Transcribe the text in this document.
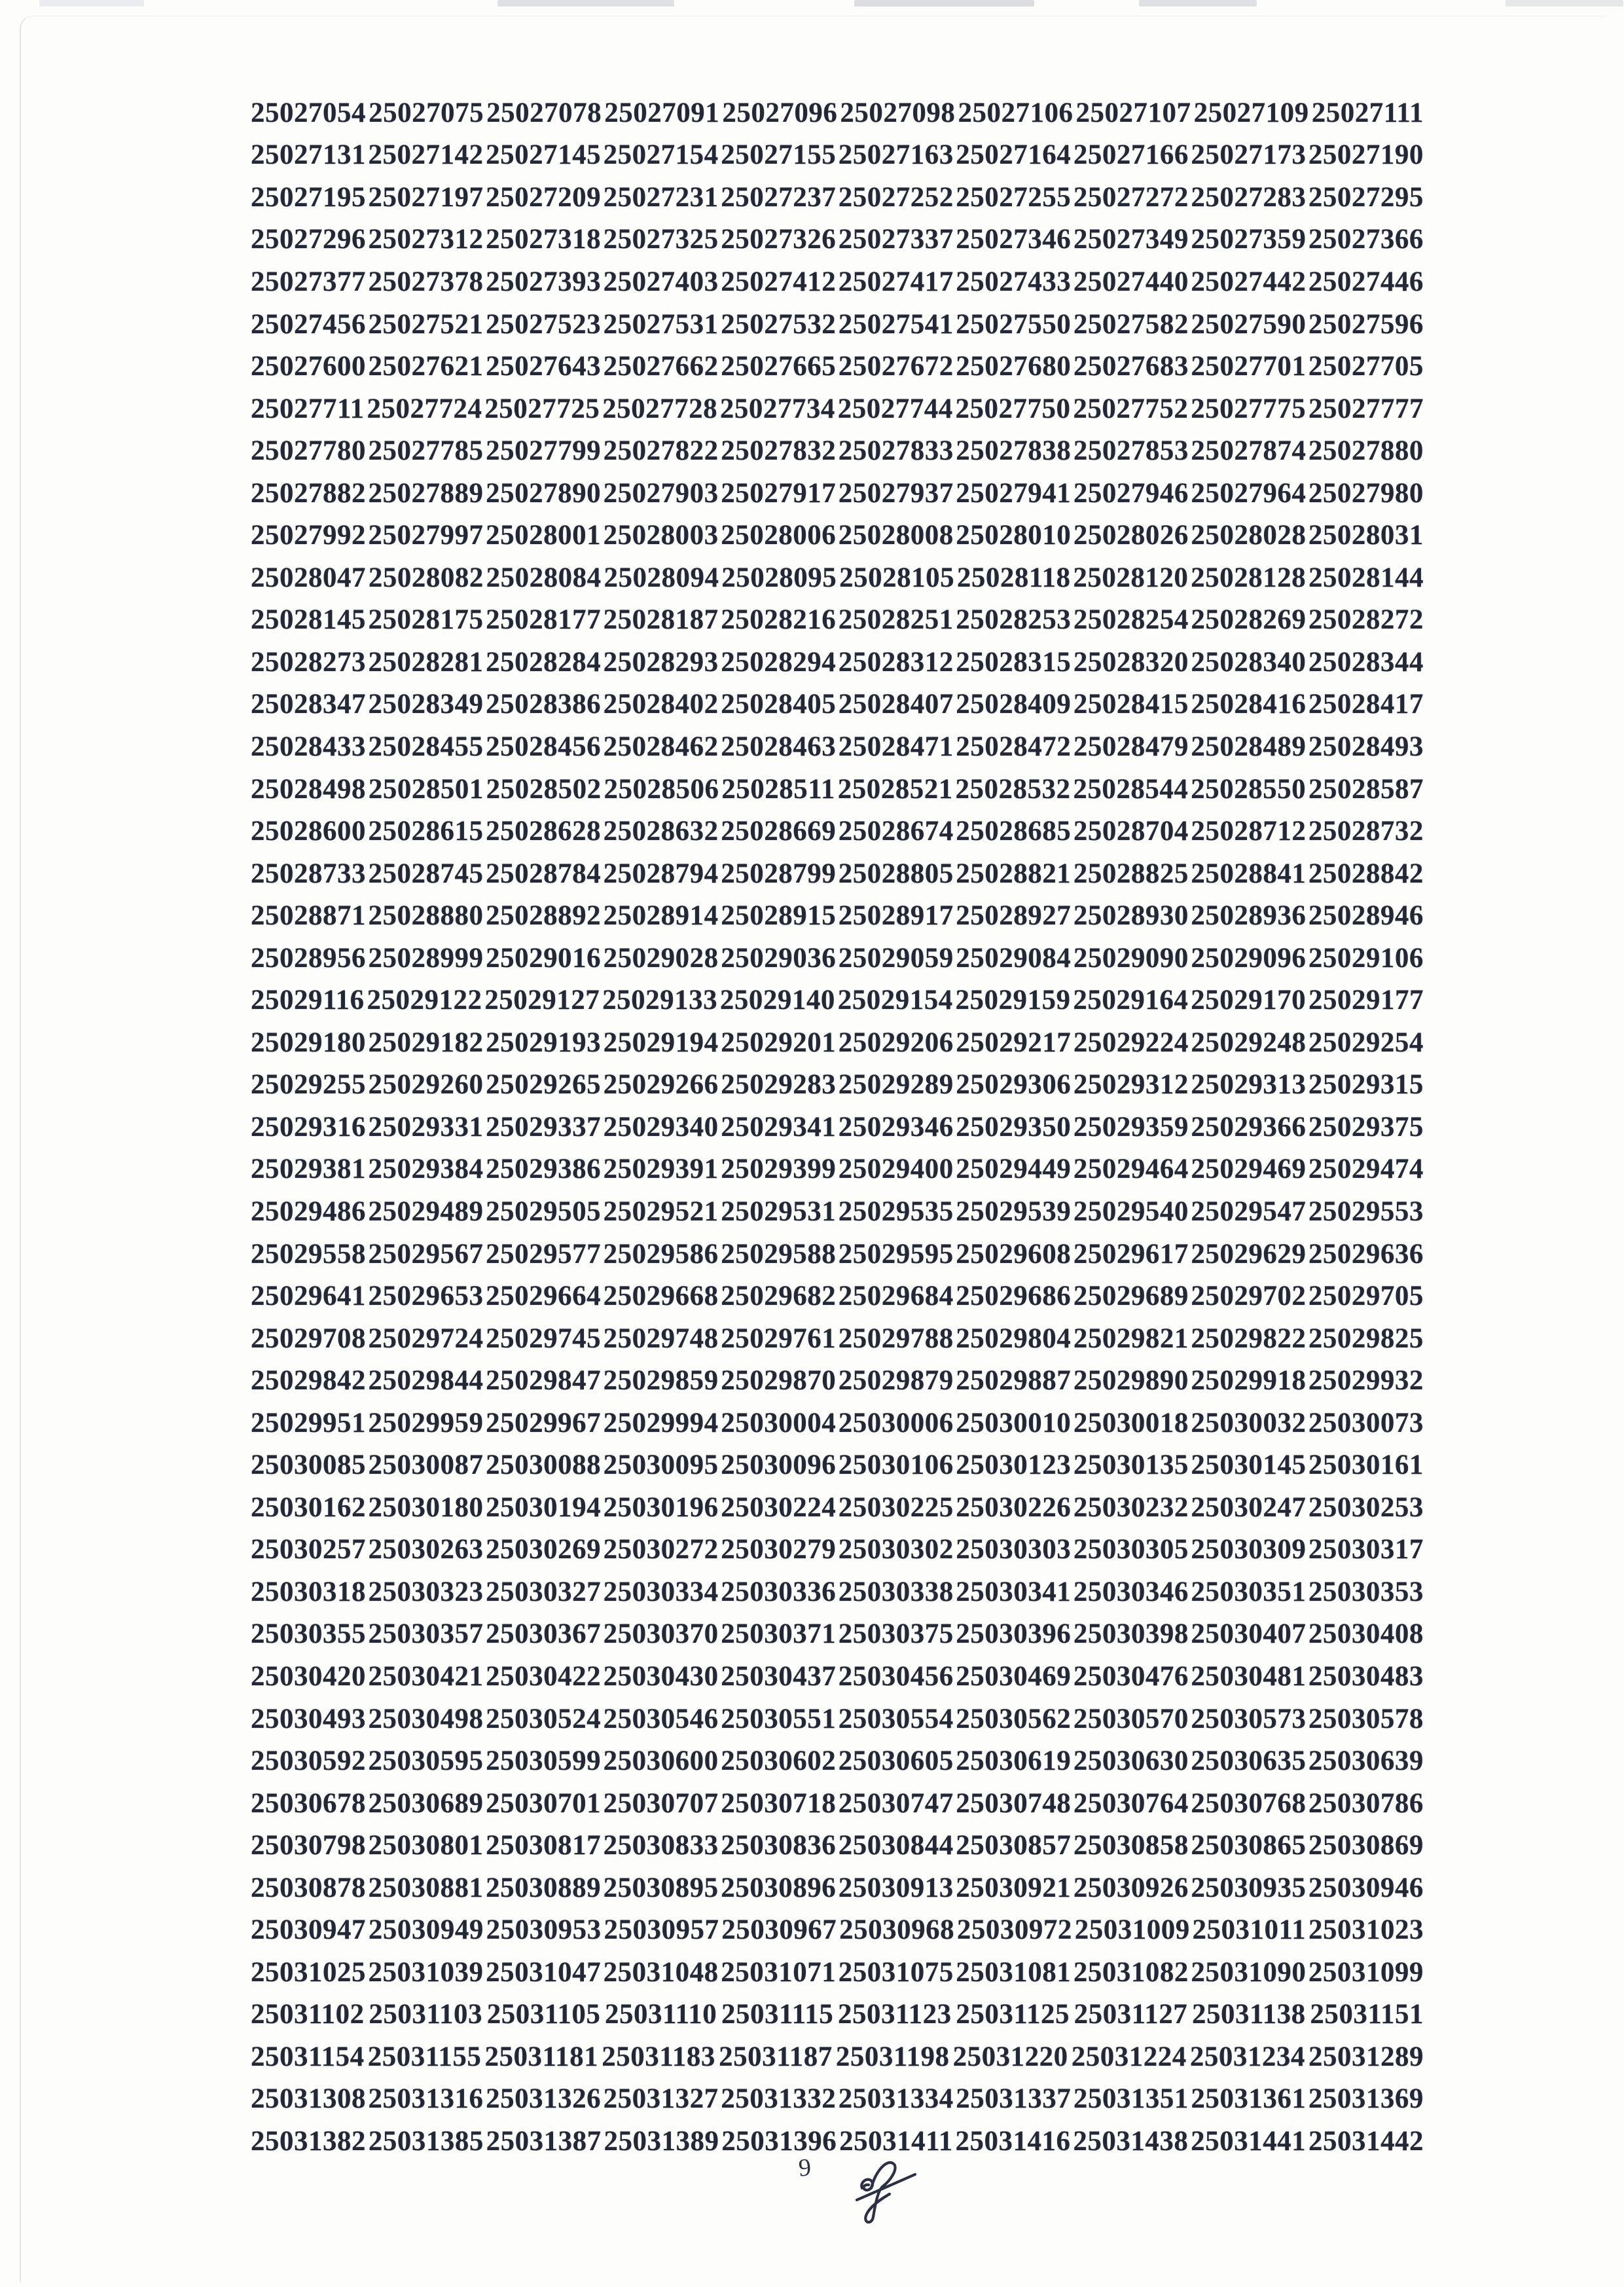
25027054 25027075 25027078 25027091 25027096 25027098 25027106 25027107 25027109 25027111
25027131 25027142 25027145 25027154 25027155 25027163 25027164 25027166 25027173 25027190
25027195 25027197 25027209 25027231 25027237 25027252 25027255 25027272 25027283 25027295
25027296 25027312 25027318 25027325 25027326 25027337 25027346 25027349 25027359 25027366
25027377 25027378 25027393 25027403 25027412 25027417 25027433 25027440 25027442 25027446
25027456 25027521 25027523 25027531 25027532 25027541 25027550 25027582 25027590 25027596
25027600 25027621 25027643 25027662 25027665 25027672 25027680 25027683 25027701 25027705
25027711 25027724 25027725 25027728 25027734 25027744 25027750 25027752 25027775 25027777
25027780 25027785 25027799 25027822 25027832 25027833 25027838 25027853 25027874 25027880
25027882 25027889 25027890 25027903 25027917 25027937 25027941 25027946 25027964 25027980
25027992 25027997 25028001 25028003 25028006 25028008 25028010 25028026 25028028 25028031
25028047 25028082 25028084 25028094 25028095 25028105 25028118 25028120 25028128 25028144
25028145 25028175 25028177 25028187 25028216 25028251 25028253 25028254 25028269 25028272
25028273 25028281 25028284 25028293 25028294 25028312 25028315 25028320 25028340 25028344
25028347 25028349 25028386 25028402 25028405 25028407 25028409 25028415 25028416 25028417
25028433 25028455 25028456 25028462 25028463 25028471 25028472 25028479 25028489 25028493
25028498 25028501 25028502 25028506 25028511 25028521 25028532 25028544 25028550 25028587
25028600 25028615 25028628 25028632 25028669 25028674 25028685 25028704 25028712 25028732
25028733 25028745 25028784 25028794 25028799 25028805 25028821 25028825 25028841 25028842
25028871 25028880 25028892 25028914 25028915 25028917 25028927 25028930 25028936 25028946
25028956 25028999 25029016 25029028 25029036 25029059 25029084 25029090 25029096 25029106
25029116 25029122 25029127 25029133 25029140 25029154 25029159 25029164 25029170 25029177
25029180 25029182 25029193 25029194 25029201 25029206 25029217 25029224 25029248 25029254
25029255 25029260 25029265 25029266 25029283 25029289 25029306 25029312 25029313 25029315
25029316 25029331 25029337 25029340 25029341 25029346 25029350 25029359 25029366 25029375
25029381 25029384 25029386 25029391 25029399 25029400 25029449 25029464 25029469 25029474
25029486 25029489 25029505 25029521 25029531 25029535 25029539 25029540 25029547 25029553
25029558 25029567 25029577 25029586 25029588 25029595 25029608 25029617 25029629 25029636
25029641 25029653 25029664 25029668 25029682 25029684 25029686 25029689 25029702 25029705
25029708 25029724 25029745 25029748 25029761 25029788 25029804 25029821 25029822 25029825
25029842 25029844 25029847 25029859 25029870 25029879 25029887 25029890 25029918 25029932
25029951 25029959 25029967 25029994 25030004 25030006 25030010 25030018 25030032 25030073
25030085 25030087 25030088 25030095 25030096 25030106 25030123 25030135 25030145 25030161
25030162 25030180 25030194 25030196 25030224 25030225 25030226 25030232 25030247 25030253
25030257 25030263 25030269 25030272 25030279 25030302 25030303 25030305 25030309 25030317
25030318 25030323 25030327 25030334 25030336 25030338 25030341 25030346 25030351 25030353
25030355 25030357 25030367 25030370 25030371 25030375 25030396 25030398 25030407 25030408
25030420 25030421 25030422 25030430 25030437 25030456 25030469 25030476 25030481 25030483
25030493 25030498 25030524 25030546 25030551 25030554 25030562 25030570 25030573 25030578
25030592 25030595 25030599 25030600 25030602 25030605 25030619 25030630 25030635 25030639
25030678 25030689 25030701 25030707 25030718 25030747 25030748 25030764 25030768 25030786
25030798 25030801 25030817 25030833 25030836 25030844 25030857 25030858 25030865 25030869
25030878 25030881 25030889 25030895 25030896 25030913 25030921 25030926 25030935 25030946
25030947 25030949 25030953 25030957 25030967 25030968 25030972 25031009 25031011 25031023
25031025 25031039 25031047 25031048 25031071 25031075 25031081 25031082 25031090 25031099
25031102 25031103 25031105 25031110 25031115 25031123 25031125 25031127 25031138 25031151
25031154 25031155 25031181 25031183 25031187 25031198 25031220 25031224 25031234 25031289
25031308 25031316 25031326 25031327 25031332 25031334 25031337 25031351 25031361 25031369
25031382 25031385 25031387 25031389 25031396 25031411 25031416 25031438 25031441 25031442
9
